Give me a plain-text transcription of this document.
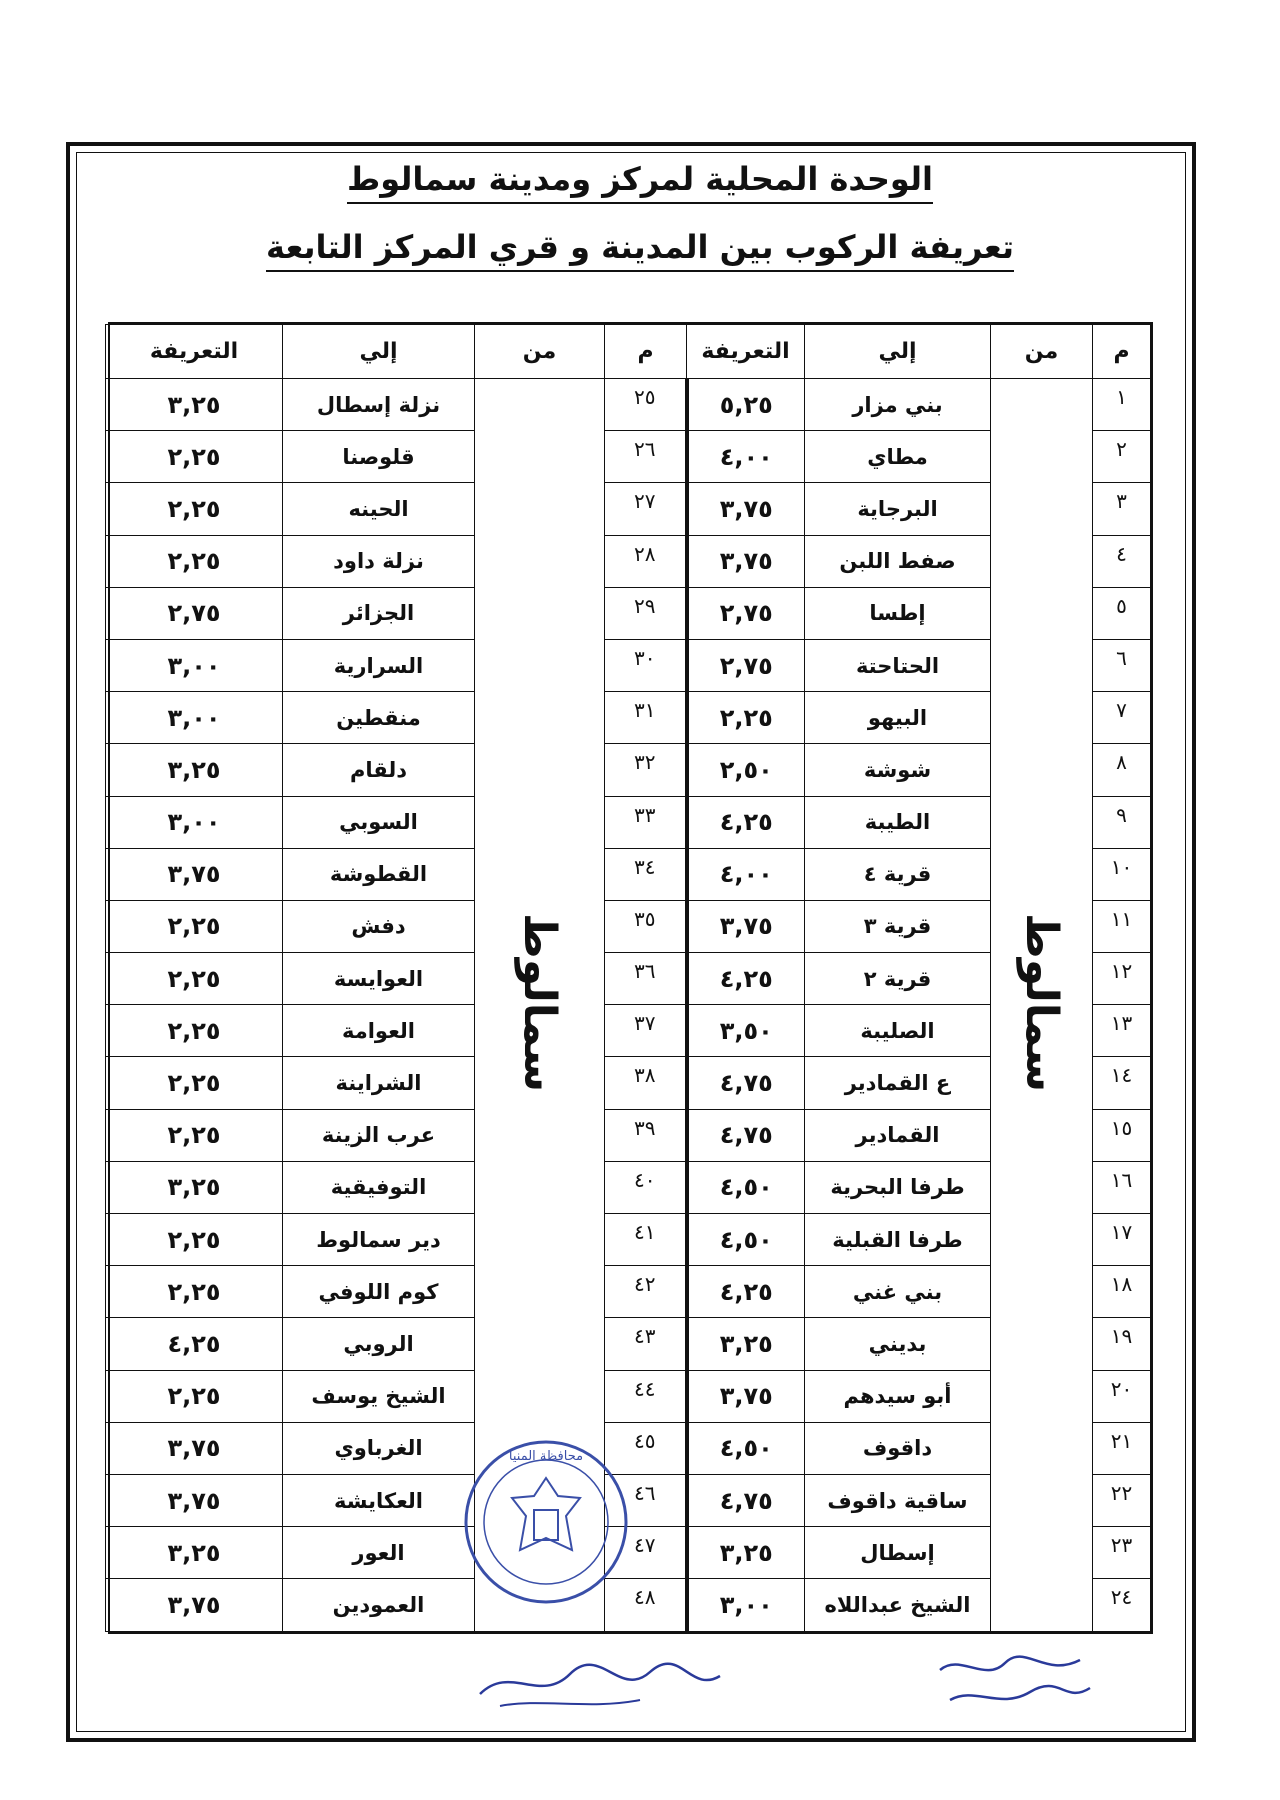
الوحدة المحلية لمركز ومدينة سمالوط
تعريفة الركوب بين المدينة و قري المركز التابعة
م	من	إلي	التعريفة	م	من	إلي	التعريفة
١	سمالوط	بني مزار	٥,٢٥	٢٥	سمالوط	نزلة إسطال	٣,٢٥
٢		مطاي	٤,٠٠	٢٦		قلوصنا	٢,٢٥
٣		البرجاية	٣,٧٥	٢٧		الحينه	٢,٢٥
٤		صفط اللبن	٣,٧٥	٢٨		نزلة داود	٢,٢٥
٥		إطسا	٢,٧٥	٢٩		الجزائر	٢,٧٥
٦		الحتاحتة	٢,٧٥	٣٠		السرارية	٣,٠٠
٧		البيهو	٢,٢٥	٣١		منقطين	٣,٠٠
٨		شوشة	٢,٥٠	٣٢		دلقام	٣,٢٥
٩		الطيبة	٤,٢٥	٣٣		السوبي	٣,٠٠
١٠		قرية ٤	٤,٠٠	٣٤		القطوشة	٣,٧٥
١١		قرية ٣	٣,٧٥	٣٥		دفش	٢,٢٥
١٢		قرية ٢	٤,٢٥	٣٦		العوايسة	٢,٢٥
١٣		الصليبة	٣,٥٠	٣٧		العوامة	٢,٢٥
١٤		ع القمادير	٤,٧٥	٣٨		الشراينة	٢,٢٥
١٥		القمادير	٤,٧٥	٣٩		عرب الزينة	٢,٢٥
١٦		طرفا البحرية	٤,٥٠	٤٠		التوفيقية	٣,٢٥
١٧		طرفا القبلية	٤,٥٠	٤١		دير سمالوط	٢,٢٥
١٨		بني غني	٤,٢٥	٤٢		كوم اللوفي	٢,٢٥
١٩		بديني	٣,٢٥	٤٣		الروبي	٤,٢٥
٢٠		أبو سيدهم	٣,٧٥	٤٤		الشيخ يوسف	٢,٢٥
٢١		داقوف	٤,٥٠	٤٥		الغرباوي	٣,٧٥
٢٢		ساقية داقوف	٤,٧٥	٤٦		العكايشة	٣,٧٥
٢٣		إسطال	٣,٢٥	٤٧		العور	٣,٢٥
٢٤		الشيخ عبداللاه	٣,٠٠	٤٨		العمودين	٣,٧٥
محافظة المنيا
